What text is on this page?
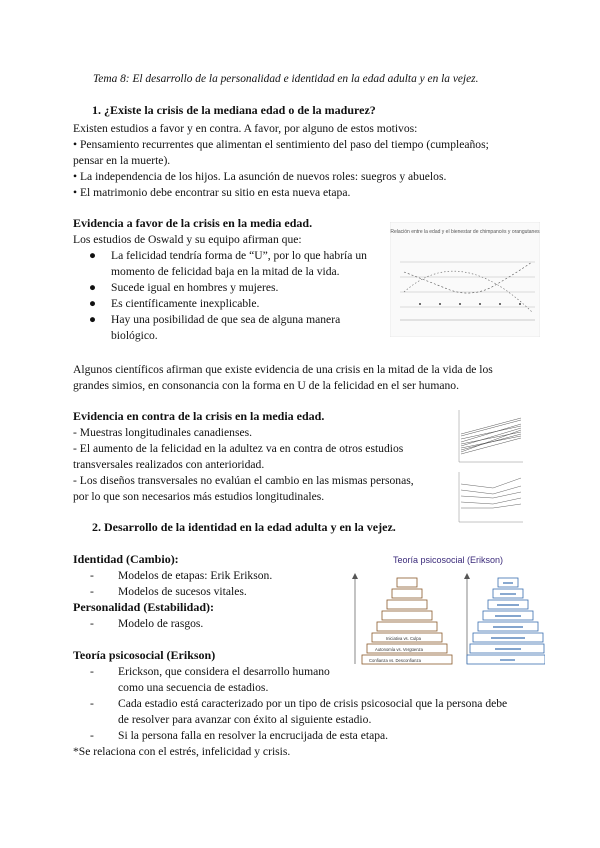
Tema 8: El desarrollo de la personalidad e identidad en la edad adulta y en la vejez.
1. ¿Existe la crisis de la mediana edad o de la madurez?
Existen estudios a favor y en contra. A favor, por alguno de estos motivos:
• Pensamiento recurrentes que alimentan el sentimiento del paso del tiempo (cumpleaños;
pensar en la muerte).
• La independencia de los hijos. La asunción de nuevos roles: suegros y abuelos.
• El matrimonio debe encontrar su sitio en esta nueva etapa.
Evidencia a favor de la crisis en la media edad.
Los estudios de Oswald y su equipo afirman que:
●	La felicidad tendría forma de “U”, por lo que habría un
momento de felicidad baja en la mitad de la vida.
●	Sucede igual en hombres y mujeres.
●	Es científicamente inexplicable.
●	Hay una posibilidad de que sea de alguna manera
biológico.
Relación entre la edad y el bienestar de chimpancés y orangutanes
Algunos científicos afirman que existe evidencia de una crisis en la mitad de la vida de los
grandes simios, en consonancia con la forma en U de la felicidad en el ser humano.
Evidencia en contra de la crisis en la media edad.
- Muestras longitudinales canadienses.
- El aumento de la felicidad en la adultez va en contra de otros estudios
transversales realizados con anterioridad.
- Los diseños transversales no evalúan el cambio en las mismas personas,
por lo que son necesarios más estudios longitudinales.
2. Desarrollo de la identidad en la edad adulta y en la vejez.
Identidad (Cambio):
-	Modelos de etapas: Erik Erikson.
-	Modelos de sucesos vitales.
Personalidad (Estabilidad):
-	Modelo de rasgos.
Teoría psicosocial (Erikson)
-	Erickson, que considera el desarrollo humano
como una secuencia de estadios.
-	Cada estadio está caracterizado por un tipo de crisis psicosocial que la persona debe
de resolver para avanzar con éxito al siguiente estadio.
-	Si la persona falla en resolver la encrucijada de esta etapa.
*Se relaciona con el estrés, infelicidad y crisis.
Teoría psicosocial (Erikson)
Iniciativa vs. Culpa
Autonomía vs. Vergüenza
Confianza vs. Desconfianza
